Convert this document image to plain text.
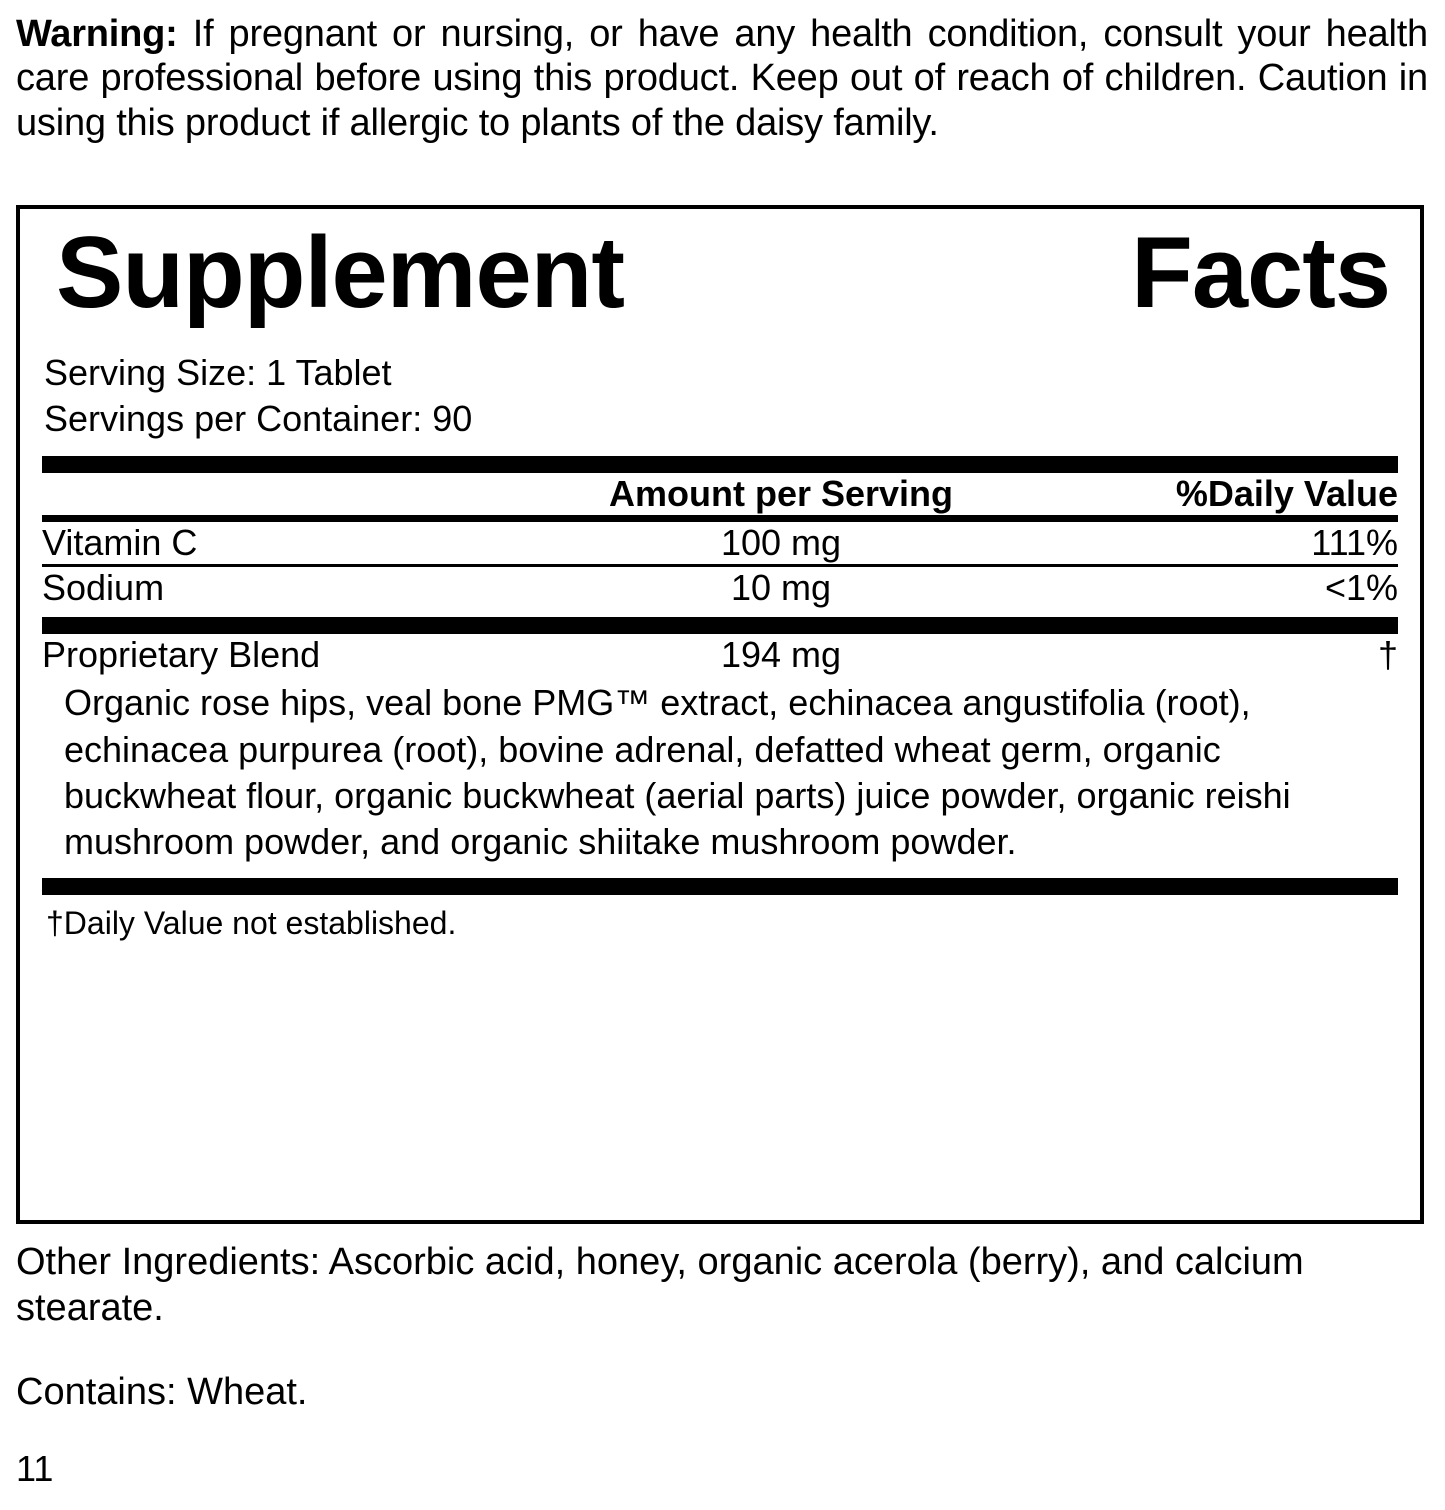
Warning: If pregnant or nursing, or have any health condition, consult your health care professional before using this product. Keep out of reach of children. Caution in using this product if allergic to plants of the daisy family.
Supplement	Facts
Serving Size: 1 Tablet
Servings per Container: 90
	Amount per Serving	%Daily Value
Vitamin C	100 mg	111%
Sodium	10 mg	<1%
Proprietary Blend	194 mg	†
Organic rose hips, veal bone PMG™ extract, echinacea angustifolia (root), echinacea purpurea (root), bovine adrenal, defatted wheat germ, organic buckwheat flour, organic buckwheat (aerial parts) juice powder, organic reishi mushroom powder, and organic shiitake mushroom powder.
†Daily Value not established.
Other Ingredients: Ascorbic acid, honey, organic acerola (berry), and calcium stearate.
Contains: Wheat.
11
